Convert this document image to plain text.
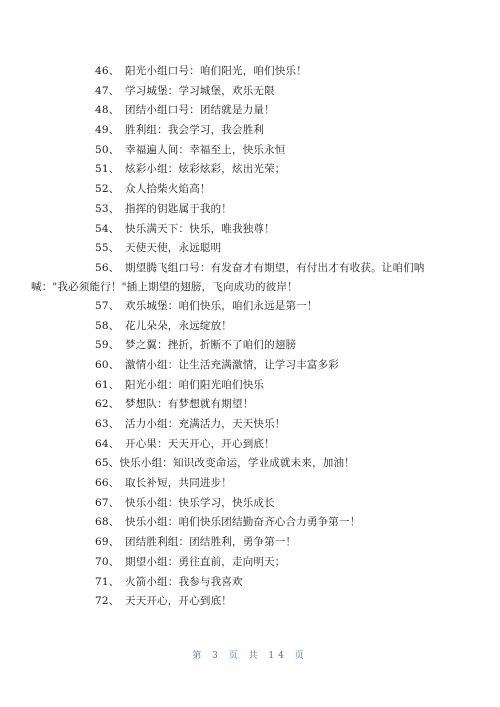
46、 阳光小组口号：咱们阳光，咱们快乐！
47、 学习城堡：学习城堡，欢乐无限
48、 团结小组口号：团结就是力量！
49、 胜利组：我会学习，我会胜利
50、 幸福遍人间：幸福至上，快乐永恒
51、 炫彩小组：炫彩炫彩，炫出光荣；
52、 众人拾柴火焰高！
53、 指挥的钥匙属于我的！
54、 快乐满天下：快乐，唯我独尊！
55、 天使天使，永远聪明
56、 期望腾飞组口号：有发奋才有期望，有付出才有收获。让咱们呐
喊："我必须能行！"插上期望的翅膀，飞向成功的彼岸！
57、 欢乐城堡：咱们快乐，咱们永远是第一！
58、 花儿朵朵，永远绽放！
59、 梦之翼：挫折，折断不了咱们的翅膀
60、 激情小组：让生活充满激情，让学习丰富多彩
61、 阳光小组：咱们阳光咱们快乐
62、 梦想队：有梦想就有期望！
63、 活力小组：充满活力，天天快乐！
64、 开心果：天天开心，开心到底！
65、快乐小组：知识改变命运，学业成就未来，加油！
66、 取长补短，共同进步！
67、 快乐小组：快乐学习，快乐成长
68、 快乐小组：咱们快乐团结勤奋齐心合力勇争第一！
69、 团结胜利组：团结胜利，勇争第一！
70、 期望小组：勇往直前，走向明天；
71、 火箭小组：我参与我喜欢
72、 天天开心，开心到底！
第 3 页 共 14 页
